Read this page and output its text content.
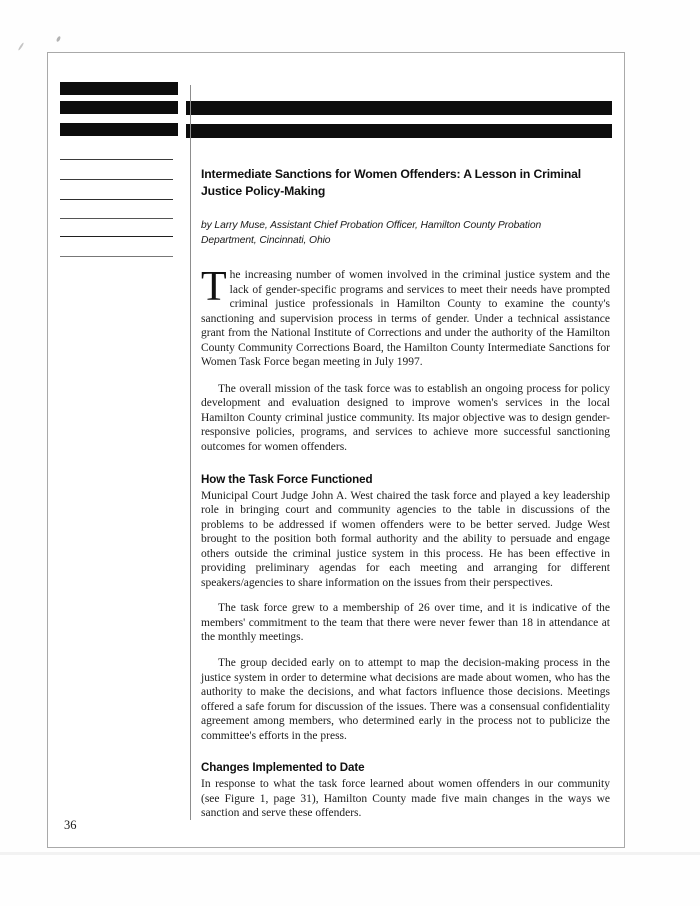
Intermediate Sanctions for Women Offenders: A Lesson in Criminal Justice Policy-Making

by Larry Muse, Assistant Chief Probation Officer, Hamilton County Probation Department, Cincinnati, Ohio

The increasing number of women involved in the criminal justice system and the lack of gender-specific programs and services to meet their needs have prompted criminal justice professionals in Hamilton County to examine the county's sanctioning and supervision process in terms of gender. Under a technical assistance grant from the National Institute of Corrections and under the authority of the Hamilton County Community Corrections Board, the Hamilton County Intermediate Sanctions for Women Task Force began meeting in July 1997.

The overall mission of the task force was to establish an ongoing process for policy development and evaluation designed to improve women's services in the local Hamilton County criminal justice community. Its major objective was to design gender-responsive policies, programs, and services to achieve more successful sanctioning outcomes for women offenders.

How the Task Force Functioned

Municipal Court Judge John A. West chaired the task force and played a key leadership role in bringing court and community agencies to the table in discussions of the problems to be addressed if women offenders were to be better served. Judge West brought to the position both formal authority and the ability to persuade and engage others outside the criminal justice system in this process. He has been effective in providing preliminary agendas for each meeting and arranging for different speakers/agencies to share information on the issues from their perspectives.

The task force grew to a membership of 26 over time, and it is indicative of the members' commitment to the team that there were never fewer than 18 in attendance at the monthly meetings.

The group decided early on to attempt to map the decision-making process in the justice system in order to determine what decisions are made about women, who has the authority to make the decisions, and what factors influence those decisions. Meetings offered a safe forum for discussion of the issues. There was a consensual confidentiality agreement among members, who determined early in the process not to publicize the committee's efforts in the press.

Changes Implemented to Date

In response to what the task force learned about women offenders in our community (see Figure 1, page 31), Hamilton County made five main changes in the ways we sanction and serve these offenders.

36
